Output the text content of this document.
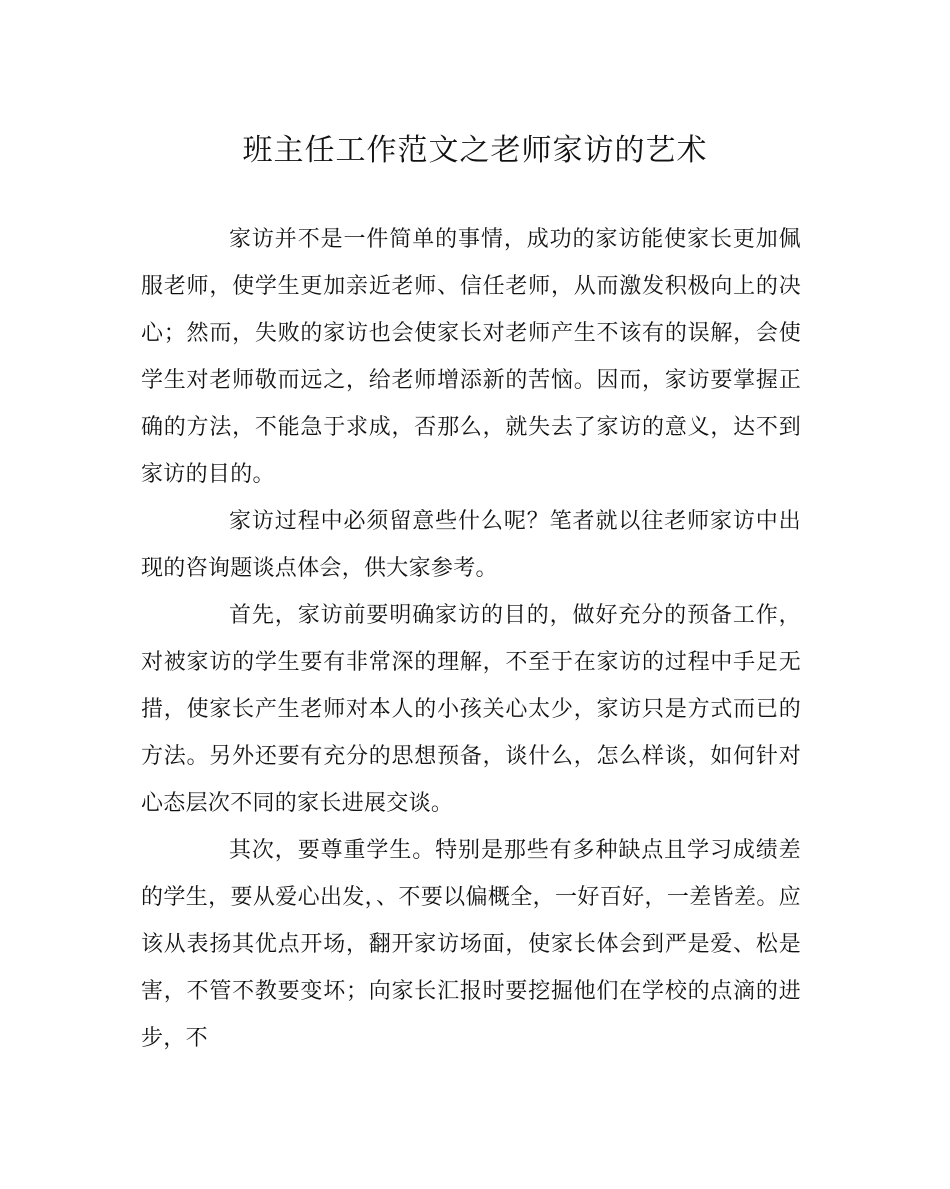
班主任工作范文之老师家访的艺术

家访并不是一件简单的事情，成功的家访能使家长更加佩服老师，使学生更加亲近老师、信任老师，从而激发积极向上的决心；然而，失败的家访也会使家长对老师产生不该有的误解，会使学生对老师敬而远之，给老师增添新的苦恼。因而，家访要掌握正确的方法，不能急于求成，否那么，就失去了家访的意义，达不到家访的目的。

家访过程中必须留意些什么呢？笔者就以往老师家访中出现的咨询题谈点体会，供大家参考。

首先，家访前要明确家访的目的，做好充分的预备工作，对被家访的学生要有非常深的理解，不至于在家访的过程中手足无措，使家长产生老师对本人的小孩关心太少，家访只是方式而已的方法。另外还要有充分的思想预备，谈什么，怎么样谈，如何针对心态层次不同的家长进展交谈。

其次，要尊重学生。特别是那些有多种缺点且学习成绩差的学生，要从爱心出发，、不要以偏概全，一好百好，一差皆差。应该从表扬其优点开场，翻开家访场面，使家长体会到严是爱、松是害，不管不教要变坏；向家长汇报时要挖掘他们在学校的点滴的进步，不
